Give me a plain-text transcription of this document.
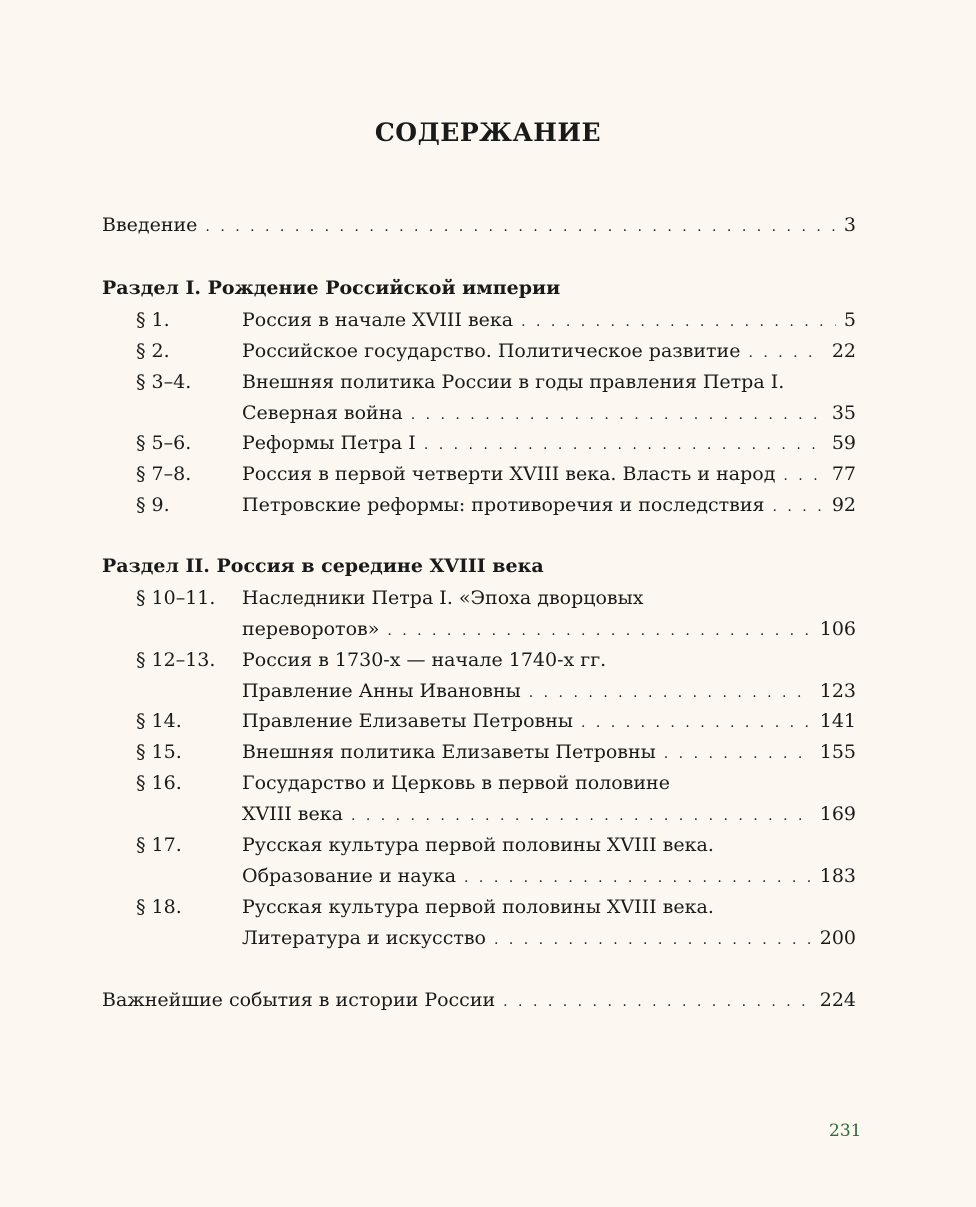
СОДЕРЖАНИЕ
Введение . . .	3
Раздел I. Рождение Российской империи
§ 1.	Россия в начале XVIII века . . .	5
§ 2.	Российское государство. Политическое развитие . . .	22
§ 3–4.	Внешняя политика России в годы правления Петра I.
Северная война . . .	35
§ 5–6.	Реформы Петра I . . .	59
§ 7–8.	Россия в первой четверти XVIII века. Власть и народ . . .	77
§ 9.	Петровские реформы: противоречия и последствия . . .	92
Раздел II. Россия в середине XVIII века
§ 10–11. Наследники Петра I. «Эпоха дворцовых
переворотов» . . .	106
§ 12–13. Россия в 1730-х — начале 1740-х гг.
Правление Анны Ивановны . . .	123
§ 14.	Правление Елизаветы Петровны . . .	141
§ 15.	Внешняя политика Елизаветы Петровны . . .	155
§ 16.	Государство и Церковь в первой половине
XVIII века . . .	169
§ 17.	Русская культура первой половины XVIII века.
Образование и наука . . .	183
§ 18.	Русская культура первой половины XVIII века.
Литература и искусство . . .	200
Важнейшие события в истории России . . .	224
231
